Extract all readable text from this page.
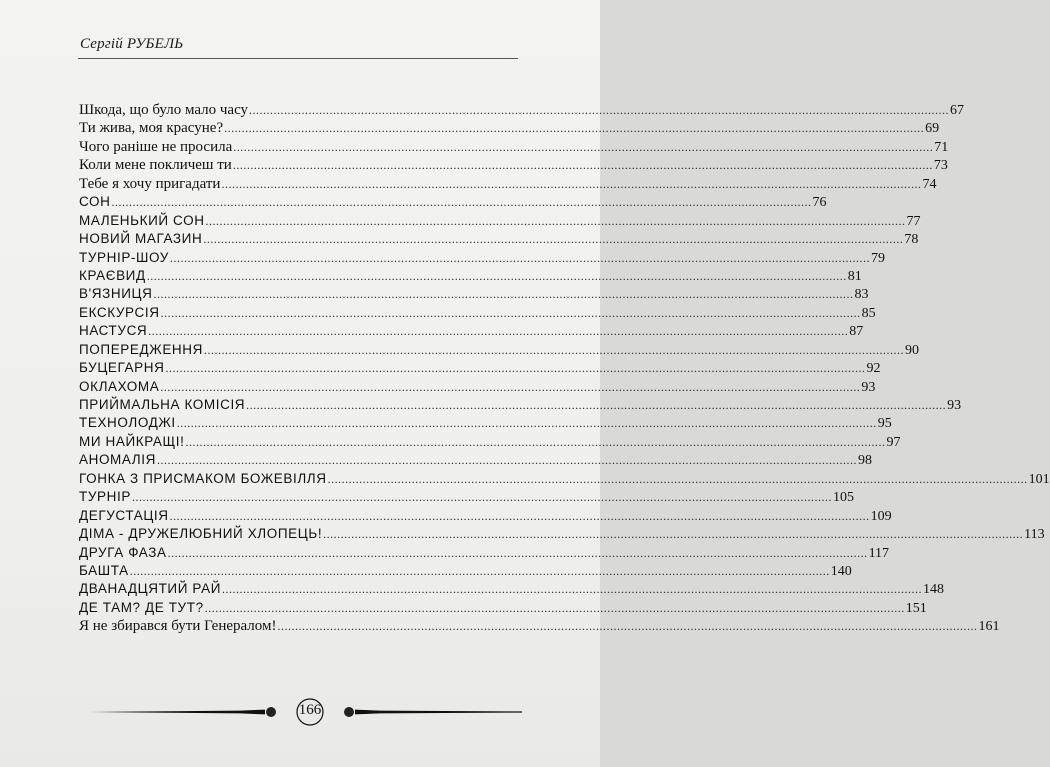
Сергій РУБЕЛЬ
Шкода, що було мало часу ........................................................................................................................................................................................................ 67
Ти жива, моя красуне? ........................................................................................................................................................................................................ 69
Чого раніше не просила ........................................................................................................................................................................................................ 71
Коли мене покличеш ти ........................................................................................................................................................................................................ 73
Тебе я хочу пригадати ........................................................................................................................................................................................................ 74
СОН ........................................................................................................................................................................................................ 76
МАЛЕНЬКИЙ СОН ........................................................................................................................................................................................................ 77
НОВИЙ МАГАЗИН ........................................................................................................................................................................................................ 78
ТУРНІР-ШОУ ........................................................................................................................................................................................................ 79
КРАЄВИД ........................................................................................................................................................................................................ 81
В'ЯЗНИЦЯ ........................................................................................................................................................................................................ 83
ЕКСКУРСІЯ ........................................................................................................................................................................................................ 85
НАСТУСЯ ........................................................................................................................................................................................................ 87
ПОПЕРЕДЖЕННЯ ........................................................................................................................................................................................................ 90
БУЦЕГАРНЯ ........................................................................................................................................................................................................ 92
ОКЛАХОМА ........................................................................................................................................................................................................ 93
ПРИЙМАЛЬНА КОМІСІЯ ........................................................................................................................................................................................................ 93
ТЕХНОЛОДЖІ ........................................................................................................................................................................................................ 95
МИ НАЙКРАЩІ! ........................................................................................................................................................................................................ 97
АНОМАЛІЯ ........................................................................................................................................................................................................ 98
ГОНКА З ПРИСМАКОМ БОЖЕВІЛЛЯ ........................................................................................................................................................................................................ 101
ТУРНІР ........................................................................................................................................................................................................ 105
ДЕГУСТАЦІЯ ........................................................................................................................................................................................................ 109
ДІМА - ДРУЖЕЛЮБНИЙ ХЛОПЕЦЬ! ........................................................................................................................................................................................................ 113
ДРУГА ФАЗА ........................................................................................................................................................................................................ 117
БАШТА ........................................................................................................................................................................................................ 140
ДВАНАДЦЯТИЙ РАЙ ........................................................................................................................................................................................................ 148
ДЕ ТАМ? ДЕ ТУТ? ........................................................................................................................................................................................................ 151
Я не збирався бути Генералом! ........................................................................................................................................................................................................ 161
166
